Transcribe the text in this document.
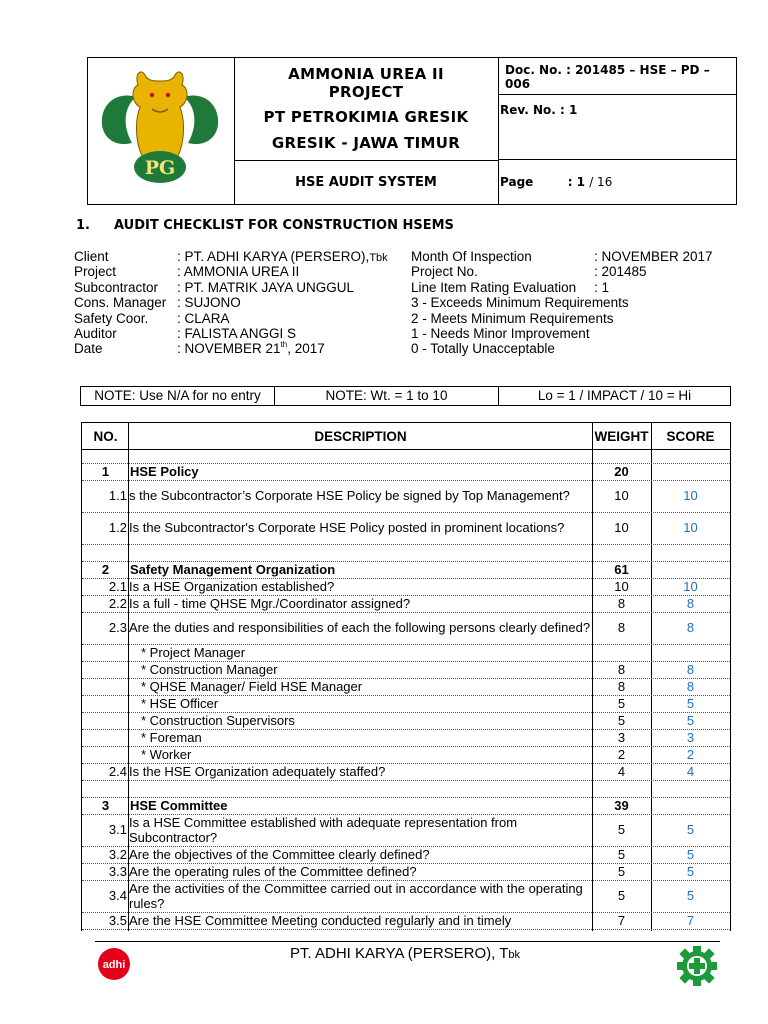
PG
AMMONIA UREA II
PROJECT
PT PETROKIMIA GRESIK
GRESIK - JAWA TIMUR
HSE AUDIT SYSTEM
Doc. No. : 201485 – HSE – PD – 006
Rev. No. : 1
Page	: 1 / 16
1. AUDIT CHECKLIST FOR CONSTRUCTION HSEMS
Client	: PT. ADHI KARYA (PERSERO),Tbk
Project	: AMMONIA UREA II
Subcontractor : PT. MATRIK JAYA UNGGUL
Cons. Manager : SUJONO
Safety Coor. : CLARA
Auditor	: FALISTA ANGGI S
Date	: NOVEMBER 21th, 2017
Month Of Inspection	: NOVEMBER 2017
Project No.	: 201485
Line Item Rating Evaluation : 1
3 - Exceeds Minimum Requirements
2 - Meets Minimum Requirements
1 - Needs Minor Improvement
0 - Totally Unacceptable
NOTE: Use N/A for no entry	NOTE: Wt. = 1 to 10	Lo = 1 / IMPACT / 10 = Hi
NO.	DESCRIPTION	WEIGHT	SCORE
1	HSE Policy	20
1.1 s the Subcontractor’s Corporate HSE Policy be signed by Top Management?	10	10
1.2 Is the Subcontractor's Corporate HSE Policy posted in prominent locations?	10	10
2	Safety Management Organization	61
2.1 Is a HSE Organization established?	10	10
2.2 Is a full - time QHSE Mgr./Coordinator assigned?	8	8
2.3 Are the duties and responsibilities of each the following persons clearly defined?	8	8
* Project Manager
* Construction Manager	8	8
* QHSE Manager/ Field HSE Manager	8	8
* HSE Officer	5	5
* Construction Supervisors	5	5
* Foreman	3	3
* Worker	2	2
2.4 Is the HSE Organization adequately staffed?	4	4
3	HSE Committee	39
3.1 Is a HSE Committee established with adequate representation from Subcontractor?	5	5
3.2 Are the objectives of the Committee clearly defined?	5	5
3.3 Are the operating rules of the Committee defined?	5	5
3.4 Are the activities of the Committee carried out in accordance with the operating rules?	5	5
3.5 Are the HSE Committee Meeting conducted regularly and in timely	7	7
adhi
PT. ADHI KARYA (PERSERO), Tbk
